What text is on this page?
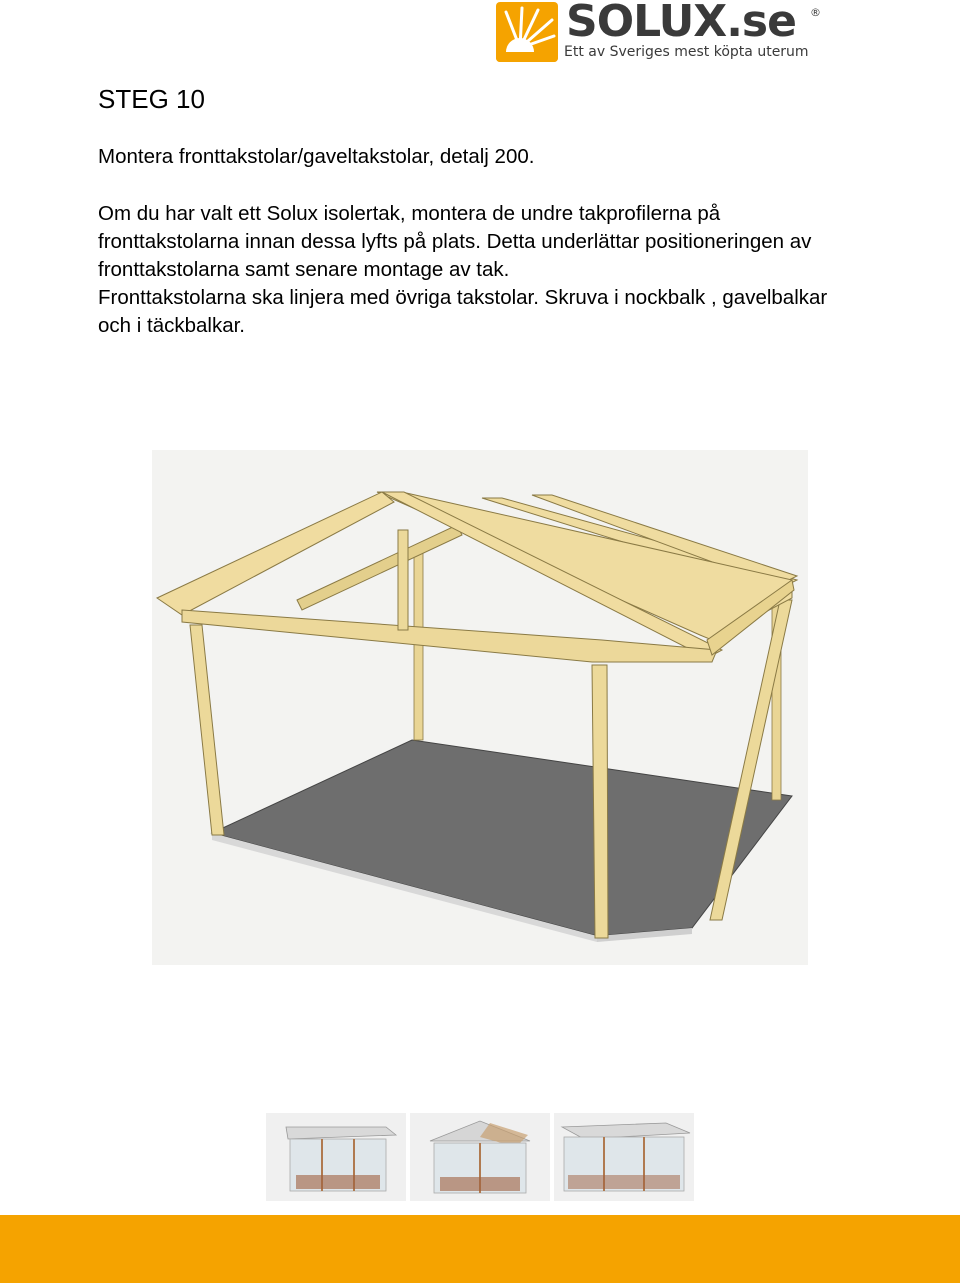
SOLUX.se ®
Ett av Sveriges mest köpta uterum
STEG 10

Montera fronttakstolar/gaveltakstolar, detalj 200.

Om du har valt ett Solux isolertak, montera de undre takprofilerna på fronttakstolarna innan dessa lyfts på plats. Detta underlättar positioneringen av fronttakstolarna samt senare montage av tak.

Fronttakstolarna ska linjera med övriga takstolar. Skruva i nockbalk , gavelbalkar och i täckbalkar.
